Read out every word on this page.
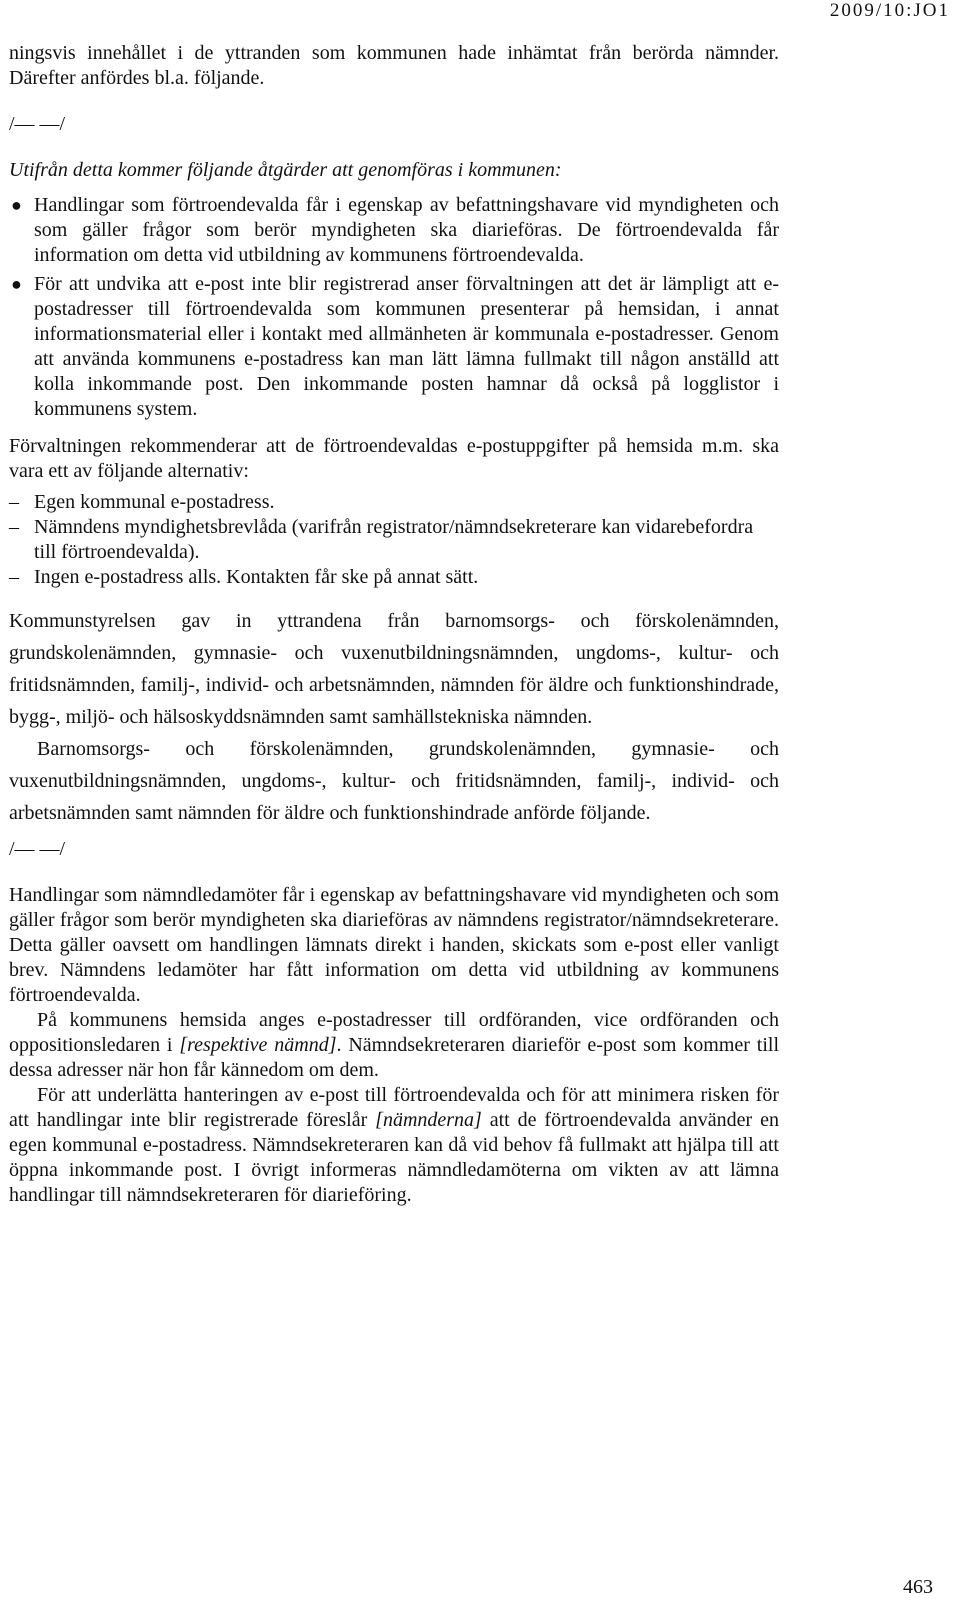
2009/10:JO1

ningsvis innehållet i de yttranden som kommunen hade inhämtat från berörda nämnder. Därefter anfördes bl.a. följande.

/— —/

Utifrån detta kommer följande åtgärder att genomföras i kommunen:

● Handlingar som förtroendevalda får i egenskap av befattningshavare vid myndigheten och som gäller frågor som berör myndigheten ska diarieföras. De förtroendevalda får information om detta vid utbildning av kommunens förtroendevalda.
● För att undvika att e-post inte blir registrerad anser förvaltningen att det är lämpligt att e-postadresser till förtroendevalda som kommunen presenterar på hemsidan, i annat informationsmaterial eller i kontakt med allmänheten är kommunala e-postadresser. Genom att använda kommunens e-postadress kan man lätt lämna fullmakt till någon anställd att kolla inkommande post. Den inkommande posten hamnar då också på logglistor i kommunens system.

Förvaltningen rekommenderar att de förtroendevaldas e-postuppgifter på hemsida m.m. ska vara ett av följande alternativ:

– Egen kommunal e-postadress.
– Nämndens myndighetsbrevlåda (varifrån registrator/nämndsekreterare kan vidarebefordra till förtroendevalda).
– Ingen e-postadress alls. Kontakten får ske på annat sätt.

Kommunstyrelsen gav in yttrandena från barnomsorgs- och förskolenämnden, grundskolenämnden, gymnasie- och vuxenutbildningsnämnden, ungdoms-, kultur- och fritidsnämnden, familj-, individ- och arbetsnämnden, nämnden för äldre och funktionshindrade, bygg-, miljö- och hälsoskyddsnämnden samt samhällstekniska nämnden.

Barnomsorgs- och förskolenämnden, grundskolenämnden, gymnasie- och vuxenutbildningsnämnden, ungdoms-, kultur- och fritidsnämnden, familj-, individ- och arbetsnämnden samt nämnden för äldre och funktionshindrade anförde följande.

/— —/

Handlingar som nämndledamöter får i egenskap av befattningshavare vid myndigheten och som gäller frågor som berör myndigheten ska diarieföras av nämndens registrator/nämndsekreterare. Detta gäller oavsett om handlingen lämnats direkt i handen, skickats som e-post eller vanligt brev. Nämndens ledamöter har fått information om detta vid utbildning av kommunens förtroendevalda.

På kommunens hemsida anges e-postadresser till ordföranden, vice ordföranden och oppositionsledaren i [respektive nämnd]. Nämndsekreteraren diarieför e-post som kommer till dessa adresser när hon får kännedom om dem.

För att underlätta hanteringen av e-post till förtroendevalda och för att minimera risken för att handlingar inte blir registrerade föreslår [nämnderna] att de förtroendevalda använder en egen kommunal e-postadress. Nämndsekreteraren kan då vid behov få fullmakt att hjälpa till att öppna inkommande post. I övrigt informeras nämndledamöterna om vikten av att lämna handlingar till nämndsekreteraren för diarieföring.

463
